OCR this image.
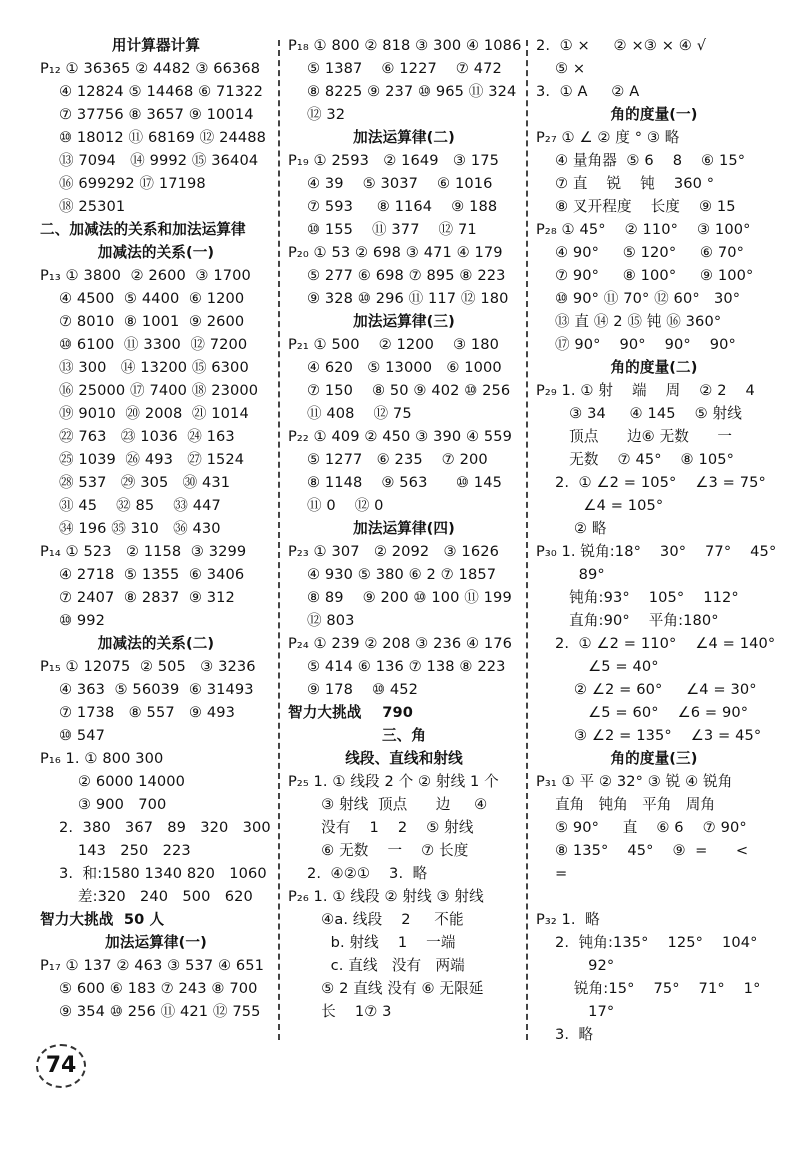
用计算器计算
P₁₂ ① 36365 ② 4482 ③ 66368
④ 12824 ⑤ 14468 ⑥ 71322
⑦ 37756 ⑧ 3657 ⑨ 10014
⑩ 18012 ⑪ 68169 ⑫ 24488
⑬ 7094   ⑭ 9992 ⑮ 36404
⑯ 699292 ⑰ 17198
⑱ 25301
二、加减法的关系和加法运算律
加减法的关系(一)
P₁₃ ① 3800  ② 2600  ③ 1700
④ 4500  ⑤ 4400  ⑥ 1200
⑦ 8010  ⑧ 1001  ⑨ 2600
⑩ 6100  ⑪ 3300  ⑫ 7200
⑬ 300   ⑭ 13200 ⑮ 6300
⑯ 25000 ⑰ 7400 ⑱ 23000
⑲ 9010  ⑳ 2008  ㉑ 1014
㉒ 763   ㉓ 1036  ㉔ 163
㉕ 1039  ㉖ 493   ㉗ 1524
㉘ 537   ㉙ 305   ㉚ 431
㉛ 45    ㉜ 85    ㉝ 447
㉞ 196 ㉟ 310   ㊱ 430
P₁₄ ① 523   ② 1158  ③ 3299
④ 2718  ⑤ 1355  ⑥ 3406
⑦ 2407  ⑧ 2837  ⑨ 312
⑩ 992
加减法的关系(二)
P₁₅ ① 12075  ② 505   ③ 3236
④ 363  ⑤ 56039  ⑥ 31493
⑦ 1738   ⑧ 557   ⑨ 493
⑩ 547
P₁₆ 1. ① 800 300
② 6000 14000
③ 900   700
2.  380   367   89   320   300
143   250   223
3.  和:1580 1340 820   1060
差:320   240   500   620
智力大挑战  50 人
加法运算律(一)
P₁₇ ① 137 ② 463 ③ 537 ④ 651
⑤ 600 ⑥ 183 ⑦ 243 ⑧ 700
⑨ 354 ⑩ 256 ⑪ 421 ⑫ 755
P₁₈ ① 800 ② 818 ③ 300 ④ 1086
⑤ 1387    ⑥ 1227    ⑦ 472
⑧ 8225 ⑨ 237 ⑩ 965 ⑪ 324
⑫ 32
加法运算律(二)
P₁₉ ① 2593   ② 1649   ③ 175
④ 39    ⑤ 3037    ⑥ 1016
⑦ 593     ⑧ 1164    ⑨ 188
⑩ 155    ⑪ 377    ⑫ 71
P₂₀ ① 53 ② 698 ③ 471 ④ 179
⑤ 277 ⑥ 698 ⑦ 895 ⑧ 223
⑨ 328 ⑩ 296 ⑪ 117 ⑫ 180
加法运算律(三)
P₂₁ ① 500    ② 1200    ③ 180
④ 620   ⑤ 13000   ⑥ 1000
⑦ 150    ⑧ 50 ⑨ 402 ⑩ 256
⑪ 408    ⑫ 75
P₂₂ ① 409 ② 450 ③ 390 ④ 559
⑤ 1277   ⑥ 235    ⑦ 200
⑧ 1148    ⑨ 563      ⑩ 145
⑪ 0    ⑫ 0
加法运算律(四)
P₂₃ ① 307   ② 2092   ③ 1626
④ 930 ⑤ 380 ⑥ 2 ⑦ 1857
⑧ 89    ⑨ 200 ⑩ 100 ⑪ 199
⑫ 803
P₂₄ ① 239 ② 208 ③ 236 ④ 176
⑤ 414 ⑥ 136 ⑦ 138 ⑧ 223
⑨ 178    ⑩ 452
智力大挑战    790
三、角
线段、直线和射线
P₂₅ 1. ① 线段 2 个 ② 射线 1 个
③ 射线  顶点      边     ④
没有    1    2    ⑤ 射线
⑥ 无数    一    ⑦ 长度
2.  ④②①    3.  略
P₂₆ 1. ① 线段 ② 射线 ③ 射线
④a. 线段    2     不能
b. 射线    1    一端
c. 直线   没有   两端
⑤ 2 直线 没有 ⑥ 无限延
长    1⑦ 3
2.  ① ×     ② ×③ × ④ √
⑤ ×
3.  ① A     ② A
角的度量(一)
P₂₇ ① ∠ ② 度 ° ③ 略
④ 量角器  ⑤ 6    8    ⑥ 15°
⑦ 直    锐    钝    360 °
⑧ 叉开程度    长度    ⑨ 15
P₂₈ ① 45°    ② 110°    ③ 100°
④ 90°     ⑤ 120°     ⑥ 70°
⑦ 90°     ⑧ 100°     ⑨ 100°
⑩ 90° ⑪ 70° ⑫ 60°   30°
⑬ 直 ⑭ 2 ⑮ 钝 ⑯ 360°
⑰ 90°    90°    90°    90°
角的度量(二)
P₂₉ 1. ① 射    端    周    ② 2    4
③ 34     ④ 145    ⑤ 射线
顶点      边⑥ 无数      一
无数    ⑦ 45°    ⑧ 105°
2.  ① ∠2 = 105°    ∠3 = 75°
∠4 = 105°
② 略
P₃₀ 1. 锐角:18°    30°    77°    45°
89°
钝角:93°    105°    112°
直角:90°    平角:180°
2.  ① ∠2 = 110°    ∠4 = 140°
∠5 = 40°
② ∠2 = 60°     ∠4 = 30°
∠5 = 60°    ∠6 = 90°
③ ∠2 = 135°    ∠3 = 45°
角的度量(三)
P₃₁ ① 平 ② 32° ③ 锐 ④ 锐角
直角   钝角   平角   周角
⑤ 90°     直    ⑥ 6    ⑦ 90°
⑧ 135°    45°    ⑨  =      <
=

P₃₂ 1.  略
2.  钝角:135°    125°    104°
92°
锐角:15°    75°    71°    1°
17°
3.  略
74
